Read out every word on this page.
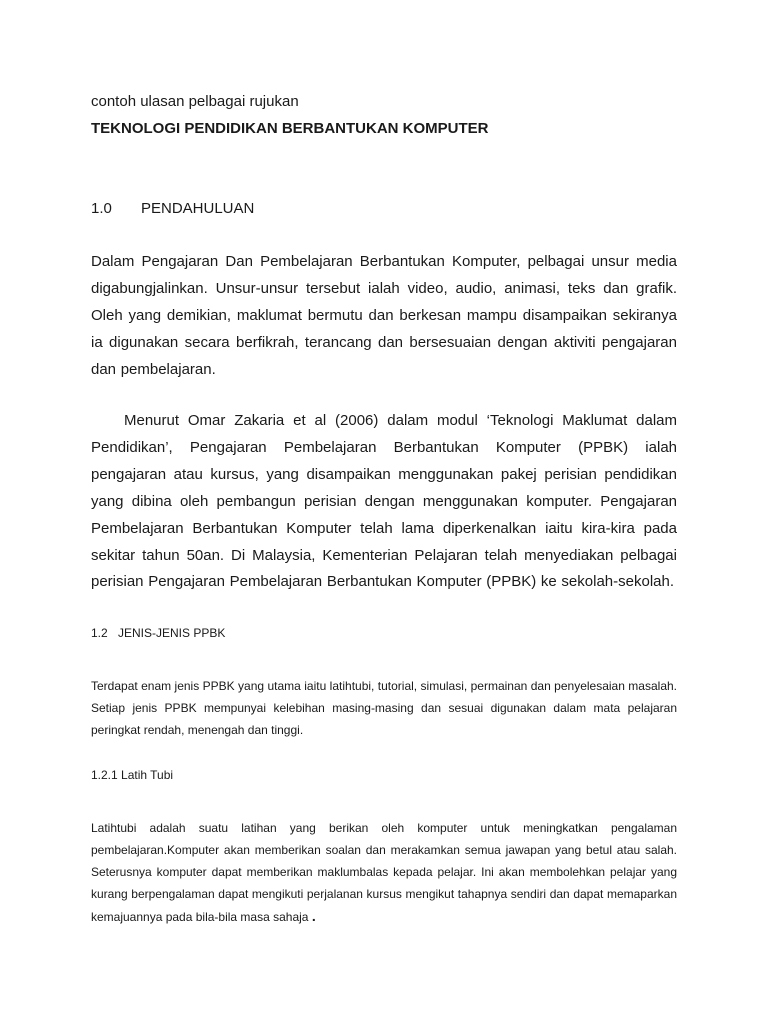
contoh ulasan pelbagai rujukan

TEKNOLOGI PENDIDIKAN BERBANTUKAN KOMPUTER

1.0 PENDAHULUAN

Dalam Pengajaran Dan Pembelajaran Berbantukan Komputer, pelbagai unsur media digabungjalinkan. Unsur-unsur tersebut ialah video, audio, animasi, teks dan grafik. Oleh yang demikian, maklumat bermutu dan berkesan mampu disampaikan sekiranya ia digunakan secara berfikrah, terancang dan bersesuaian dengan aktiviti pengajaran dan pembelajaran.

Menurut Omar Zakaria et al (2006) dalam modul ‘Teknologi Maklumat dalam Pendidikan’, Pengajaran Pembelajaran Berbantukan Komputer (PPBK) ialah pengajaran atau kursus, yang disampaikan menggunakan pakej perisian pendidikan yang dibina oleh pembangun perisian dengan menggunakan komputer. Pengajaran Pembelajaran Berbantukan Komputer telah lama diperkenalkan iaitu kira-kira pada sekitar tahun 50an. Di Malaysia, Kementerian Pelajaran telah menyediakan pelbagai perisian Pengajaran Pembelajaran Berbantukan Komputer (PPBK) ke sekolah-sekolah.

1.2 JENIS-JENIS PPBK

Terdapat enam jenis PPBK yang utama iaitu latihtubi, tutorial, simulasi, permainan dan penyelesaian masalah. Setiap jenis PPBK mempunyai kelebihan masing-masing dan sesuai digunakan dalam mata pelajaran peringkat rendah, menengah dan tinggi.

1.2.1 Latih Tubi

Latihtubi adalah suatu latihan yang berikan oleh komputer untuk meningkatkan pengalaman pembelajaran.Komputer akan memberikan soalan dan merakamkan semua jawapan yang betul atau salah. Seterusnya komputer dapat memberikan maklumbalas kepada pelajar. Ini akan membolehkan pelajar yang kurang berpengalaman dapat mengikuti perjalanan kursus mengikut tahapnya sendiri dan dapat memaparkan kemajuannya pada bila-bila masa sahaja .
